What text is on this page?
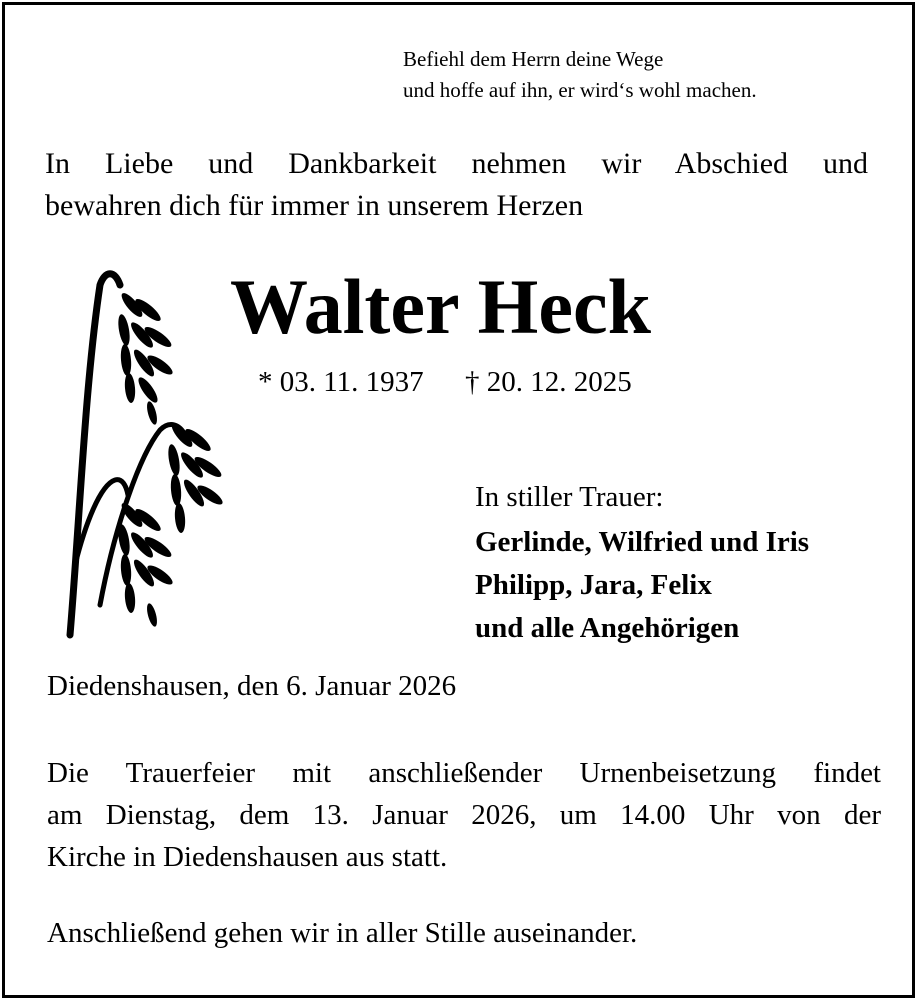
Befiehl dem Herrn deine Wege
und hoffe auf ihn, er wird‘s wohl machen.
In Liebe und Dankbarkeit nehmen wir Abschied und
bewahren dich für immer in unserem Herzen
Walter Heck
* 03. 11. 1937 † 20. 12. 2025
In stiller Trauer:
Gerlinde, Wilfried und Iris
Philipp, Jara, Felix
und alle Angehörigen
Diedenshausen, den 6. Januar 2026
Die Trauerfeier mit anschließender Urnenbeisetzung findet
am Dienstag, dem 13. Januar 2026, um 14.00 Uhr von der
Kirche in Diedenshausen aus statt.
Anschließend gehen wir in aller Stille auseinander.
